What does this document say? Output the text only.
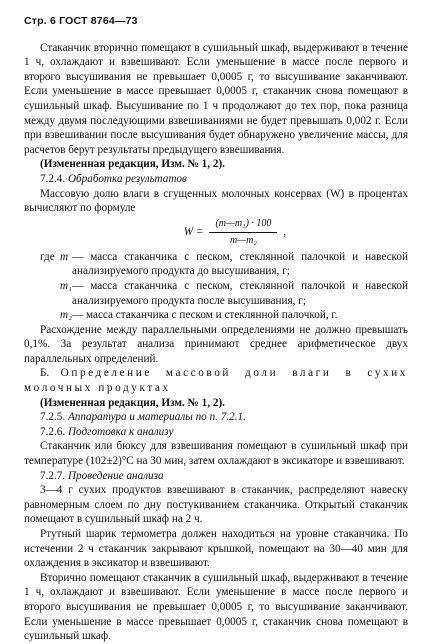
Стр. 6 ГОСТ 8764—73

Стаканчик вторично помещают в сушильный шкаф, выдерживают в течение 1 ч, охлаждают и взвешивают. Если уменьшение в массе после первого и второго высушивания не превышает 0,0005 г, то высушивание заканчивают. Если уменьшение в массе превышает 0,0005 г, стаканчик снова помещают в сушильный шкаф. Высушивание по 1 ч продолжают до тех пор, пока разница между двумя последующими взвешиваниями не будет превышать 0,002 г. Если при взвешивании после высушивания будет обнаружено увеличение массы, для расчетов берут результаты предыдущего взвешивания.

(Измененная редакция, Изм. № 1, 2).

7.2.4. Обработка результатов

Массовую долю влаги в сгущенных молочных консервах (W) в процентах вычисляют по формуле

$W = \frac{\text{(m—m₁) · 100}}{\text{m—m₂}}$ ,
где m — масса стаканчика с песком, стеклянной палочкой и навеской анализируемого продукта до высушивания, г;
m₁ — масса стаканчика с песком, стеклянной палочкой и навеской анализируемого продукта после высушивания, г;
m₂ — масса стаканчика с песком и стеклянной палочкой, г.

Расхождение между параллельными определениями не должно превышать 0,1%. За результат анализа принимают среднее арифметическое двух параллельных определений.

Б. Определение массовой доли влаги в сухих молочных продуктах

(Измененная редакция, Изм. № 1, 2).

7.2.5. Аппаратура и материалы по п. 7.2.1.

7.2.6. Подготовка к анализу

Стаканчик или бюксу для взвешивания помещают в сушильный шкаф при температуре (102±2)°С на 30 мин, затем охлаждают в эксикаторе и взвешивают.

7.2.7. Проведение анализа

3—4 г сухих продуктов взвешивают в стаканчик, распределяют навеску равномерным слоем по дну постукиванием стаканчика. Открытый стаканчик помещают в сушильный шкаф на 2 ч.

Ртутный шарик термометра должен находиться на уровне стаканчика. По истечении 2 ч стаканчик закрывают крышкой, помещают на 30—40 мин для охлаждения в эксикатор и взвешивают.

Вторично помещают стаканчик в сушильный шкаф, выдерживают в течение 1 ч, охлаждают и взвешивают. Если уменьшение в массе после первого и второго высушивания не превышает 0,0005 г, то высушивание заканчивают. Если уменьшение в массе превышает 0,0005 г, стаканчик снова помещают в сушильный шкаф.
